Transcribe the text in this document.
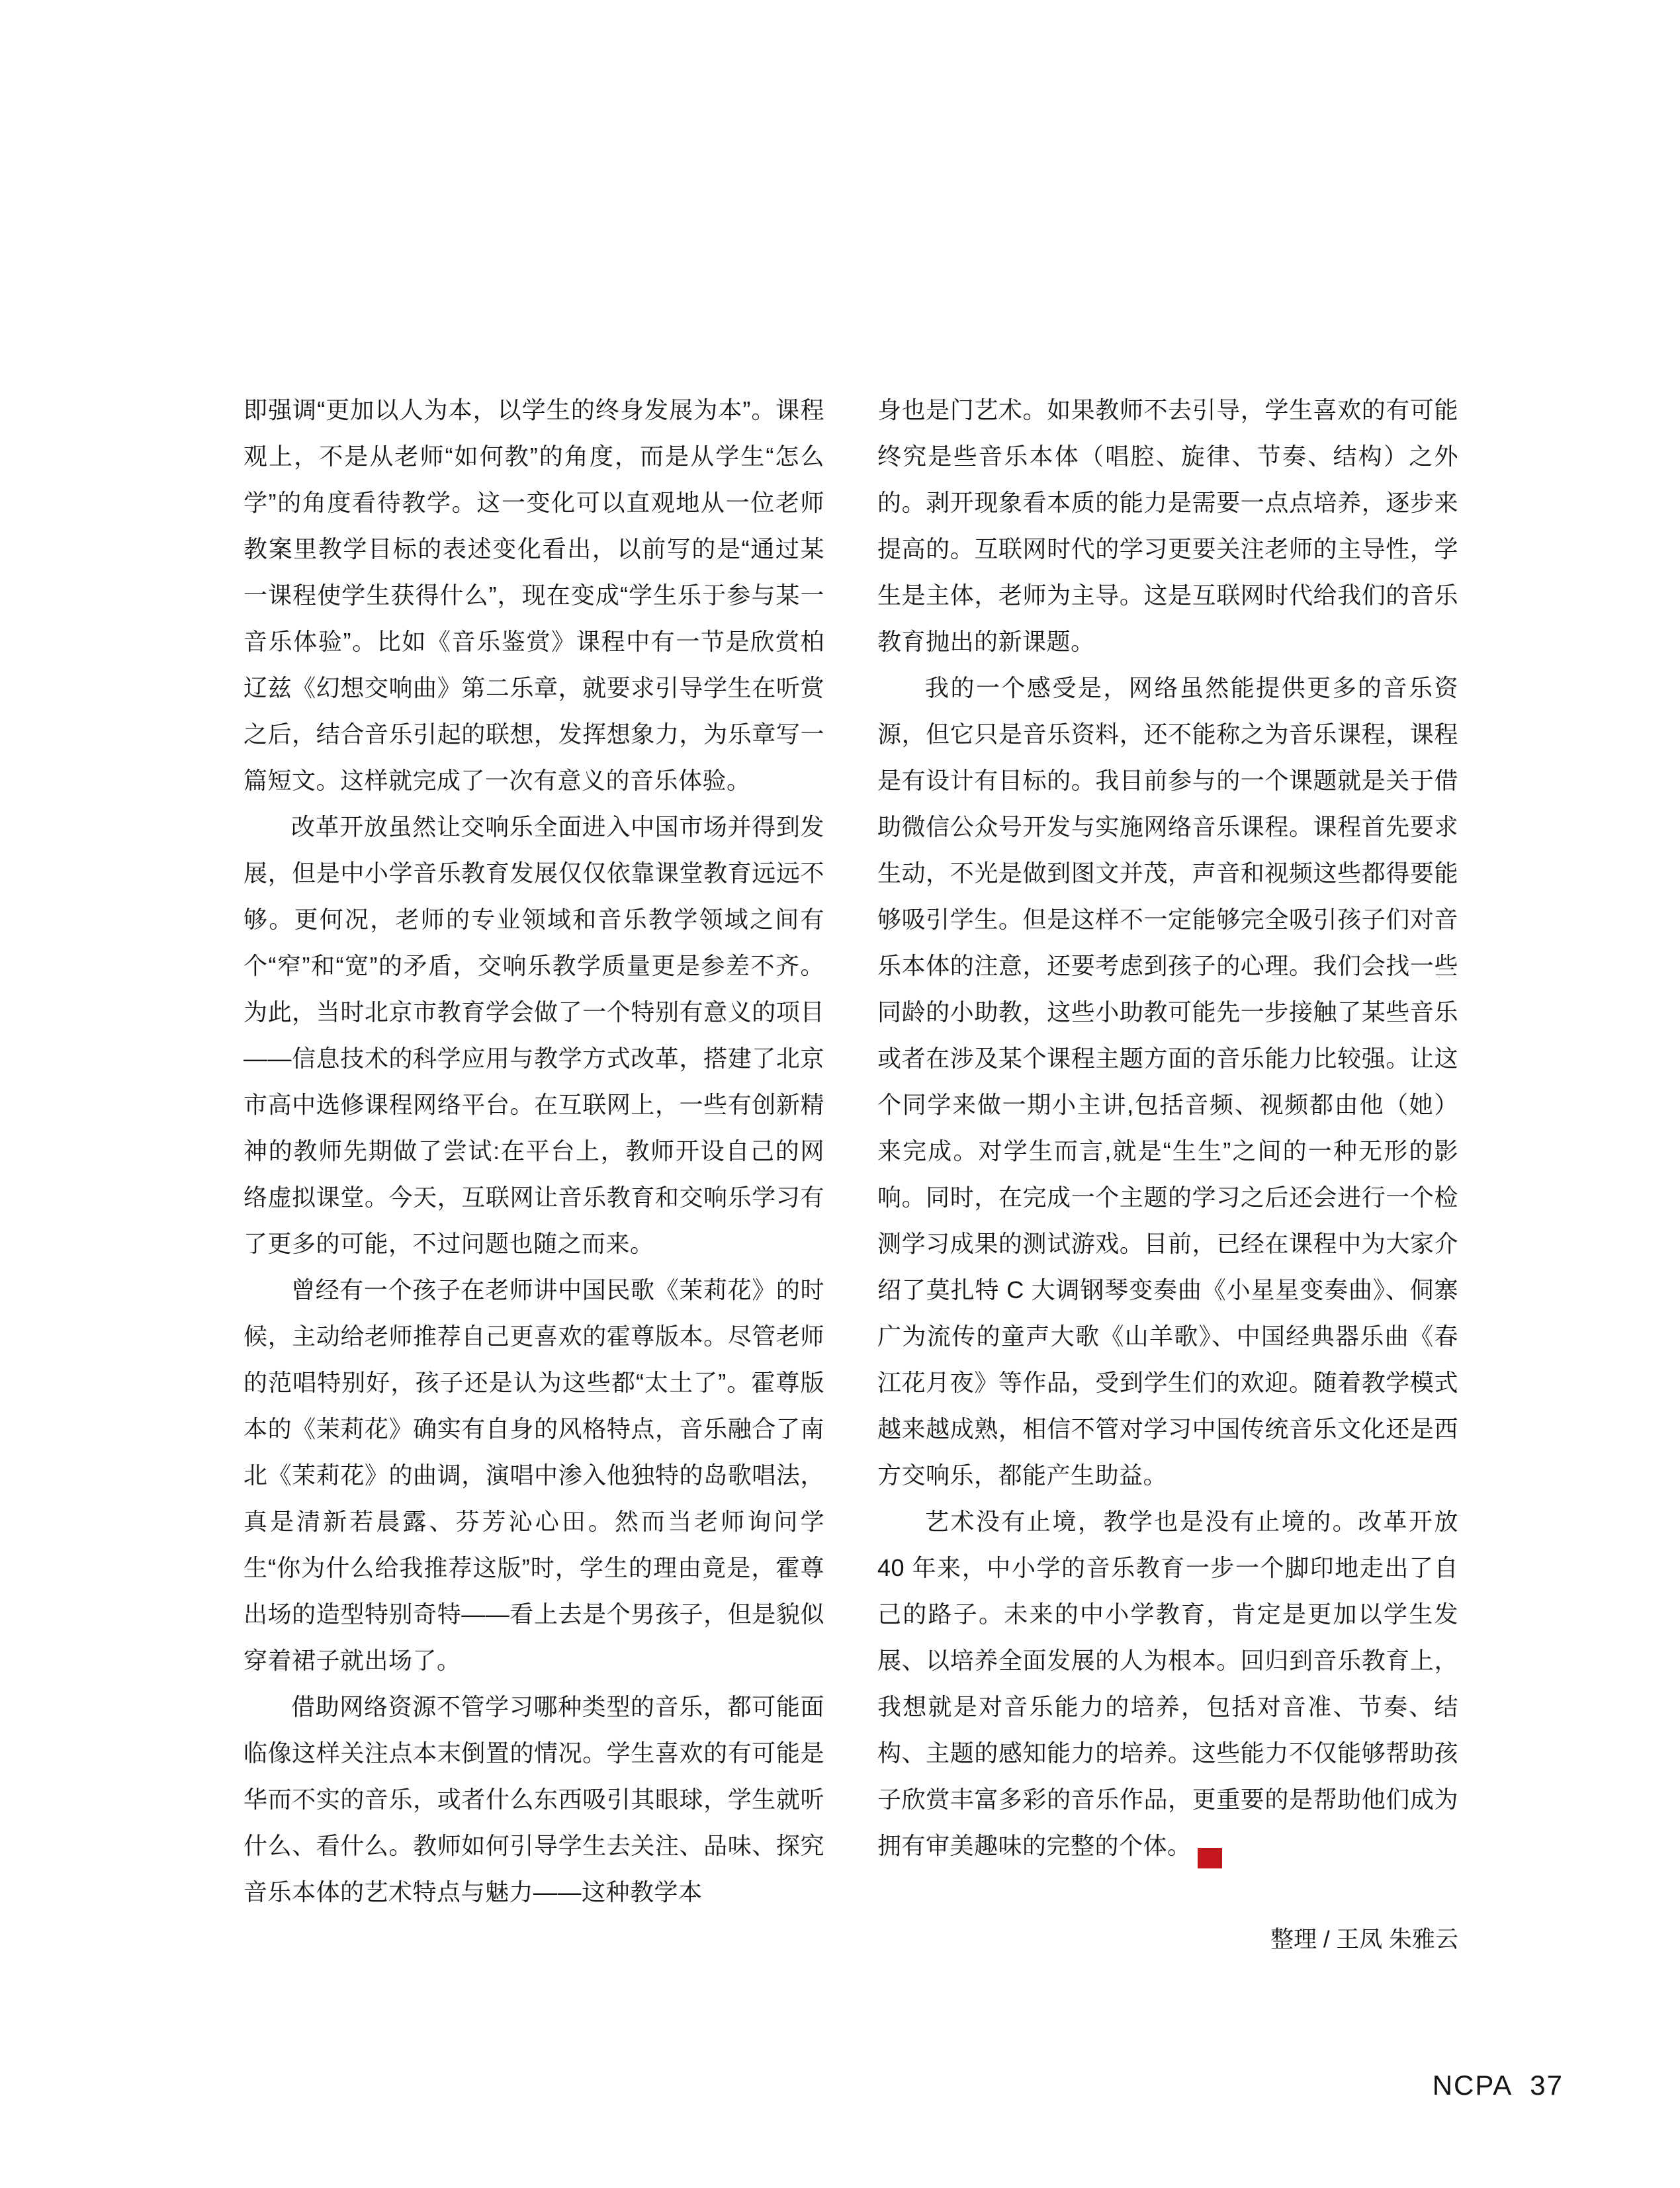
即强调“更加以人为本，以学生的终身发展为本”。课程观上，不是从老师“如何教”的角度，而是从学生“怎么学”的角度看待教学。这一变化可以直观地从一位老师教案里教学目标的表述变化看出，以前写的是“通过某一课程使学生获得什么”，现在变成“学生乐于参与某一音乐体验”。比如《音乐鉴赏》课程中有一节是欣赏柏辽兹《幻想交响曲》第二乐章，就要求引导学生在听赏之后，结合音乐引起的联想，发挥想象力，为乐章写一篇短文。这样就完成了一次有意义的音乐体验。

改革开放虽然让交响乐全面进入中国市场并得到发展，但是中小学音乐教育发展仅仅依靠课堂教育远远不够。更何况，老师的专业领域和音乐教学领域之间有个“窄”和“宽”的矛盾，交响乐教学质量更是参差不齐。为此，当时北京市教育学会做了一个特别有意义的项目——信息技术的科学应用与教学方式改革，搭建了北京市高中选修课程网络平台。在互联网上，一些有创新精神的教师先期做了尝试:在平台上，教师开设自己的网络虚拟课堂。今天，互联网让音乐教育和交响乐学习有了更多的可能，不过问题也随之而来。

曾经有一个孩子在老师讲中国民歌《茉莉花》的时候，主动给老师推荐自己更喜欢的霍尊版本。尽管老师的范唱特别好，孩子还是认为这些都“太土了”。霍尊版本的《茉莉花》确实有自身的风格特点，音乐融合了南北《茉莉花》的曲调，演唱中渗入他独特的岛歌唱法，真是清新若晨露、芬芳沁心田。然而当老师询问学生“你为什么给我推荐这版”时，学生的理由竟是，霍尊出场的造型特别奇特——看上去是个男孩子，但是貌似穿着裙子就出场了。

借助网络资源不管学习哪种类型的音乐，都可能面临像这样关注点本末倒置的情况。学生喜欢的有可能是华而不实的音乐，或者什么东西吸引其眼球，学生就听什么、看什么。教师如何引导学生去关注、品味、探究音乐本体的艺术特点与魅力——这种教学本

身也是门艺术。如果教师不去引导，学生喜欢的有可能终究是些音乐本体（唱腔、旋律、节奏、结构）之外的。剥开现象看本质的能力是需要一点点培养，逐步来提高的。互联网时代的学习更要关注老师的主导性，学生是主体，老师为主导。这是互联网时代给我们的音乐教育抛出的新课题。

我的一个感受是，网络虽然能提供更多的音乐资源，但它只是音乐资料，还不能称之为音乐课程，课程是有设计有目标的。我目前参与的一个课题就是关于借助微信公众号开发与实施网络音乐课程。课程首先要求生动，不光是做到图文并茂，声音和视频这些都得要能够吸引学生。但是这样不一定能够完全吸引孩子们对音乐本体的注意，还要考虑到孩子的心理。我们会找一些同龄的小助教，这些小助教可能先一步接触了某些音乐或者在涉及某个课程主题方面的音乐能力比较强。让这个同学来做一期小主讲,包括音频、视频都由他（她）来完成。对学生而言,就是“生生”之间的一种无形的影响。同时，在完成一个主题的学习之后还会进行一个检测学习成果的测试游戏。目前，已经在课程中为大家介绍了莫扎特 C 大调钢琴变奏曲《小星星变奏曲》、侗寨广为流传的童声大歌《山羊歌》、中国经典器乐曲《春江花月夜》等作品，受到学生们的欢迎。随着教学模式越来越成熟，相信不管对学习中国传统音乐文化还是西方交响乐，都能产生助益。

艺术没有止境，教学也是没有止境的。改革开放 40 年来，中小学的音乐教育一步一个脚印地走出了自己的路子。未来的中小学教育，肯定是更加以学生发展、以培养全面发展的人为根本。回归到音乐教育上，我想就是对音乐能力的培养，包括对音准、节奏、结构、主题的感知能力的培养。这些能力不仅能够帮助孩子欣赏丰富多彩的音乐作品，更重要的是帮助他们成为拥有审美趣味的完整的个体。	NC
PA

整理 / 王凤 朱雅云
NCPA 37
